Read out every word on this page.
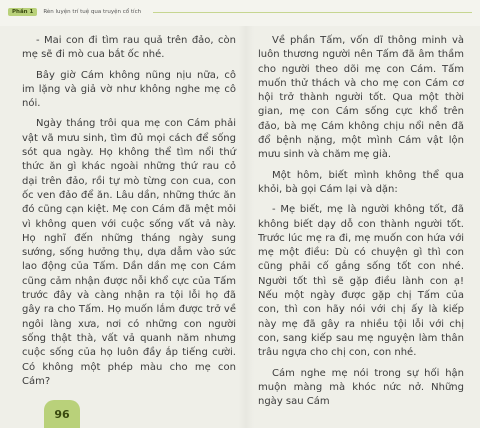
Phần 1	Rèn luyện trí tuệ qua truyện cổ tích

- Mai con đi tìm rau quả trên đảo, còn mẹ sẽ đi mò cua bắt ốc nhé.

Bây giờ Cám không nũng nịu nữa, cô im lặng và giả vờ như không nghe mẹ cô nói.

Ngày tháng trôi qua mẹ con Cám phải vật vã mưu sinh, tìm đủ mọi cách để sống sót qua ngày. Họ không thể tìm nổi thứ thức ăn gì khác ngoài những thứ rau cỏ dại trên đảo, rồi tự mò từng con cua, con ốc ven đảo để ăn. Lâu dần, những thức ăn đó cũng cạn kiệt. Mẹ con Cám đã mệt mỏi vì không quen với cuộc sống vất vả này. Họ nghĩ đến những tháng ngày sung sướng, sống hưởng thụ, dựa dẫm vào sức lao động của Tấm. Dần dần mẹ con Cám cũng cảm nhận được nỗi khổ cực của Tấm trước đây và càng nhận ra tội lỗi họ đã gây ra cho Tấm. Họ muốn lắm được trở về ngôi làng xưa, nơi có những con người sống thật thà, vất vả quanh năm nhưng cuộc sống của họ luôn đầy ắp tiếng cười. Có không một phép màu cho mẹ con Cám?

Về phần Tấm, vốn dĩ thông minh và luôn thương người nên Tấm đã âm thầm cho người theo dõi mẹ con Cám. Tấm muốn thử thách và cho mẹ con Cám cơ hội trở thành người tốt. Qua một thời gian, mẹ con Cám sống cực khổ trên đảo, bà mẹ Cám không chịu nổi nên đã đổ bệnh nặng, một mình Cám vật lộn mưu sinh và chăm mẹ già.

Một hôm, biết mình không thể qua khỏi, bà gọi Cám lại và dặn:

- Mẹ biết, mẹ là người không tốt, đã không biết dạy dỗ con thành người tốt. Trước lúc mẹ ra đi, mẹ muốn con hứa với mẹ một điều: Dù có chuyện gì thì con cũng phải cố gắng sống tốt con nhé. Người tốt thì sẽ gặp điều lành con ạ! Nếu một ngày được gặp chị Tấm của con, thì con hãy nói với chị ấy là kiếp này mẹ đã gây ra nhiều tội lỗi với chị con, sang kiếp sau mẹ nguyện làm thân trâu ngựa cho chị con, con nhé.

Cám nghe mẹ nói trong sự hối hận muộn màng mà khóc nức nở. Những ngày sau Cám

96
